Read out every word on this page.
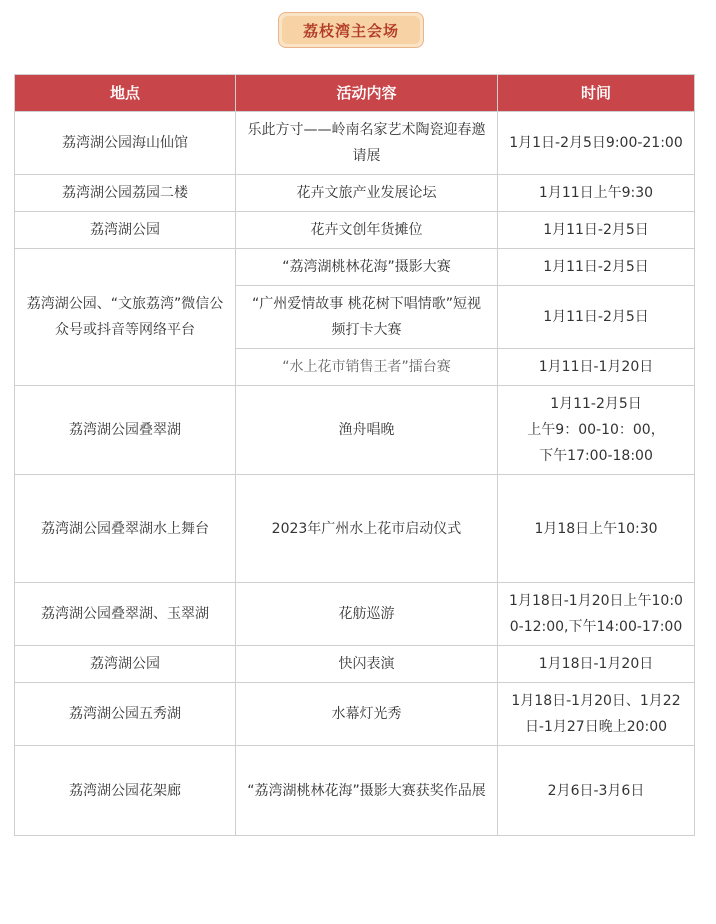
荔枝湾主会场
地点	活动内容	时间
荔湾湖公园海山仙馆	乐此方寸——岭南名家艺术陶瓷迎春邀请展	1月1日-2月5日9:00-21:00
荔湾湖公园荔园二楼	花卉文旅产业发展论坛	1月11日上午9:30
荔湾湖公园	花卉文创年货摊位	1月11日-2月5日
荔湾湖公园、“文旅荔湾”微信公众号或抖音等网络平台	“荔湾湖桃林花海”摄影大赛	1月11日-2月5日
	“广州爱情故事 桃花树下唱情歌”短视频打卡大赛	1月11日-2月5日
	“水上花市销售王者”擂台赛	1月11日-1月20日
荔湾湖公园叠翠湖	渔舟唱晚	1月11-2月5日
上午9：00-10：00，
下午17:00-18:00

荔湾湖公园叠翠湖水上舞台	2023年广州水上花市启动仪式	1月18日上午10:30
荔湾湖公园叠翠湖、玉翠湖	花舫巡游	1月18日-1月20日上午10:00-12:00,下午14:00-17:00
荔湾湖公园	快闪表演	1月18日-1月20日
荔湾湖公园五秀湖	水幕灯光秀	1月18日-1月20日、1月22日-1月27日晚上20:00
荔湾湖公园花架廊	“荔湾湖桃林花海”摄影大赛获奖作品展	2月6日-3月6日
